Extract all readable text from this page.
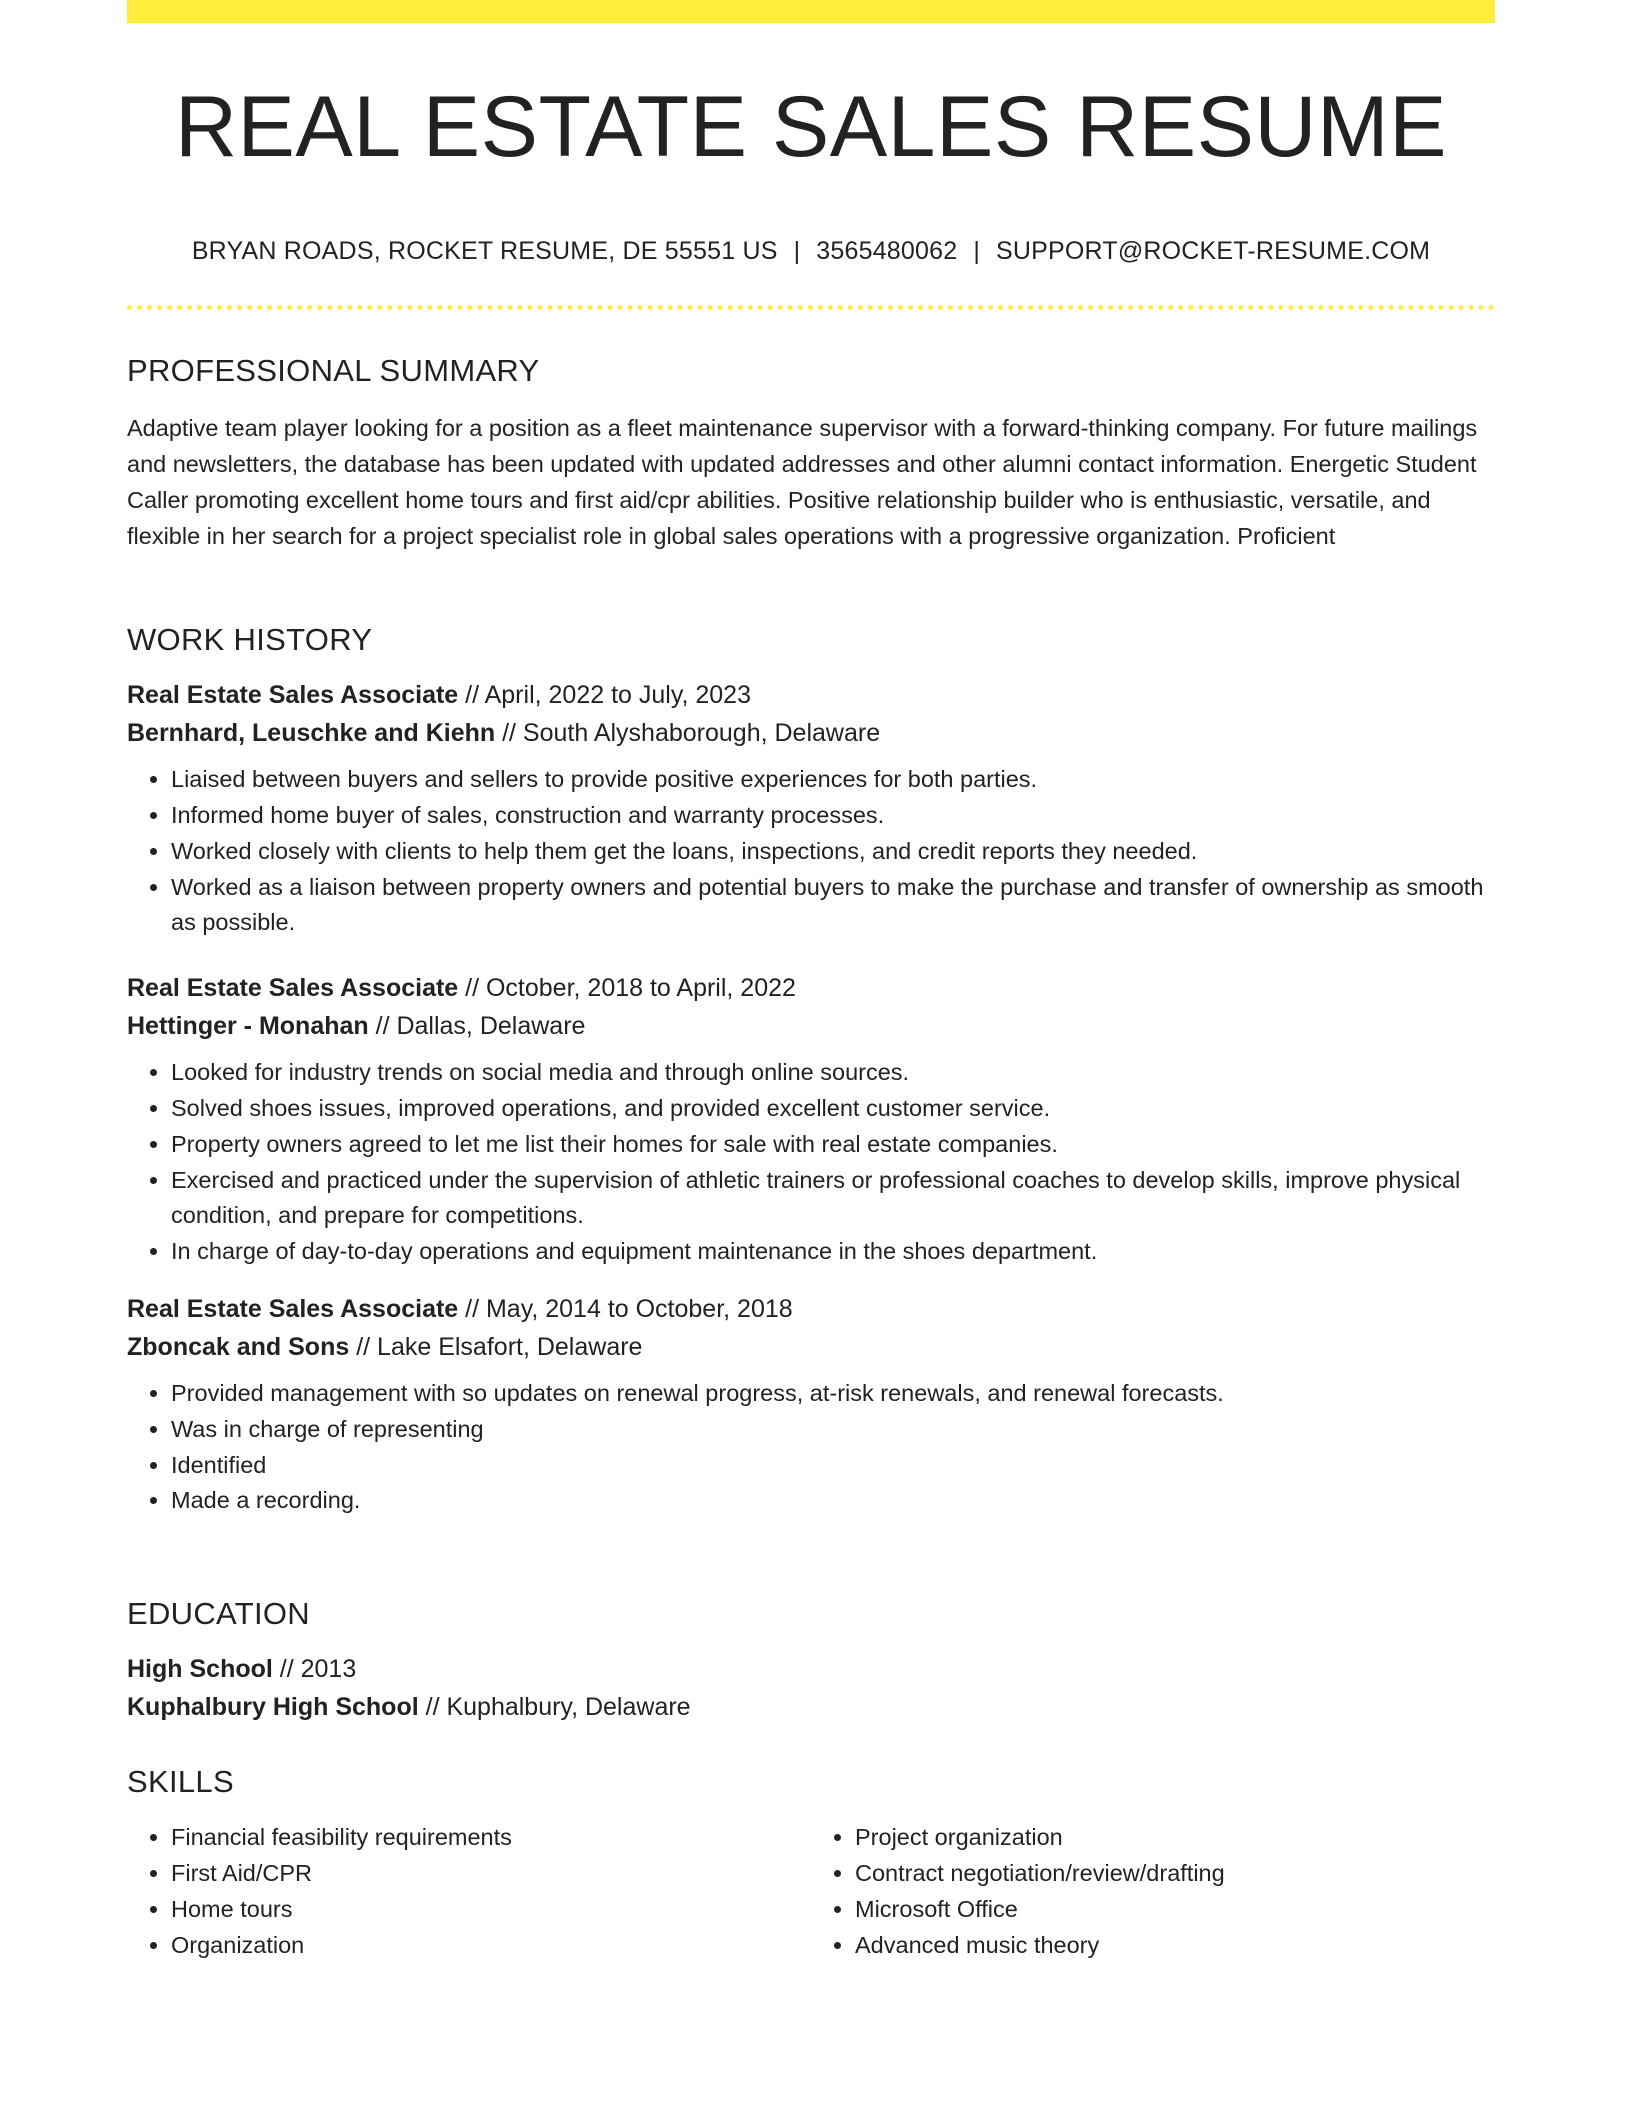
REAL ESTATE SALES RESUME
BRYAN ROADS, ROCKET RESUME, DE 55551 US | 3565480062 | SUPPORT@ROCKET-RESUME.COM
PROFESSIONAL SUMMARY

Adaptive team player looking for a position as a fleet maintenance supervisor with a forward-thinking company. For future mailings and newsletters, the database has been updated with updated addresses and other alumni contact information. Energetic Student Caller promoting excellent home tours and first aid/cpr abilities. Positive relationship builder who is enthusiastic, versatile, and flexible in her search for a project specialist role in global sales operations with a progressive organization. Proficient

WORK HISTORY
Real Estate Sales Associate // April, 2022 to July, 2023
Bernhard, Leuschke and Kiehn // South Alyshaborough, Delaware
• Liaised between buyers and sellers to provide positive experiences for both parties.
• Informed home buyer of sales, construction and warranty processes.
• Worked closely with clients to help them get the loans, inspections, and credit reports they needed.
• Worked as a liaison between property owners and potential buyers to make the purchase and transfer of ownership as smooth as possible.
Real Estate Sales Associate // October, 2018 to April, 2022
Hettinger - Monahan // Dallas, Delaware
• Looked for industry trends on social media and through online sources.
• Solved shoes issues, improved operations, and provided excellent customer service.
• Property owners agreed to let me list their homes for sale with real estate companies.
• Exercised and practiced under the supervision of athletic trainers or professional coaches to develop skills, improve physical condition, and prepare for competitions.
• In charge of day-to-day operations and equipment maintenance in the shoes department.
Real Estate Sales Associate // May, 2014 to October, 2018
Zboncak and Sons // Lake Elsafort, Delaware
• Provided management with so updates on renewal progress, at-risk renewals, and renewal forecasts.
• Was in charge of representing
• Identified
• Made a recording.
EDUCATION
High School // 2013
Kuphalbury High School // Kuphalbury, Delaware
SKILLS
• Financial feasibility requirements
• First Aid/CPR
• Home tours
• Organization
• Project organization
• Contract negotiation/review/drafting
• Microsoft Office
• Advanced music theory
